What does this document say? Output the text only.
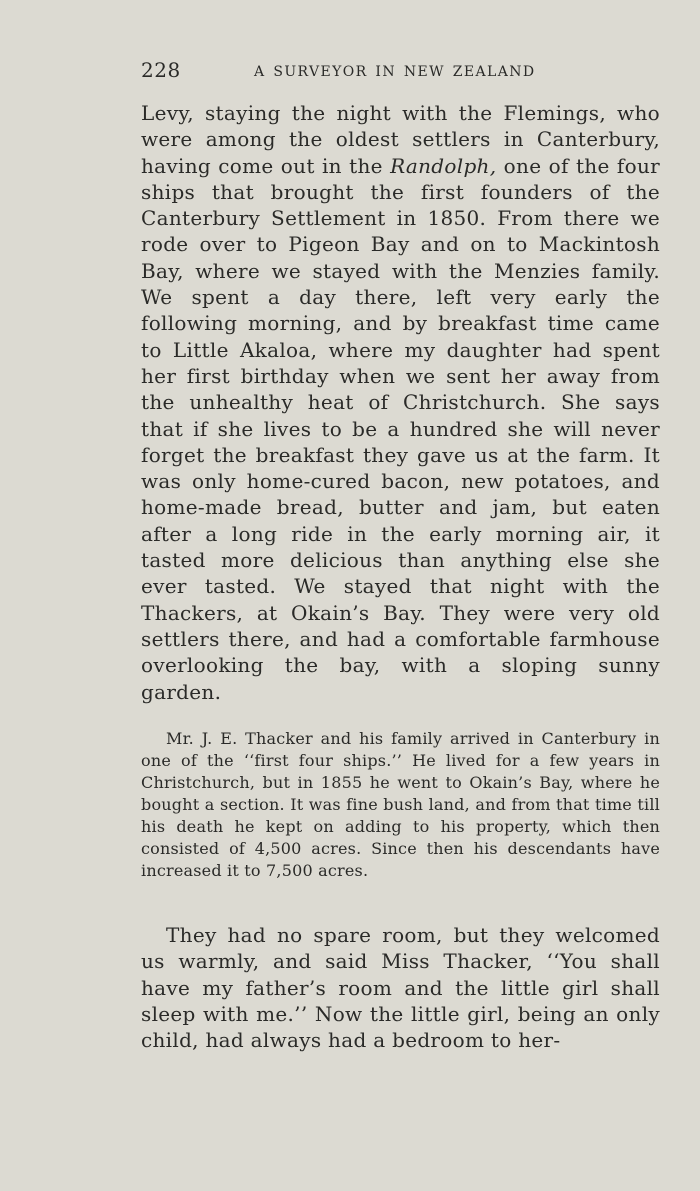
228	A SURVEYOR IN NEW ZEALAND

Levy, staying the night with the Flemings, who were among the oldest settlers in Canterbury, having come out in the Randolph, one of the four ships that brought the first founders of the Canterbury Settlement in 1850. From there we rode over to Pigeon Bay and on to Mackintosh Bay, where we stayed with the Menzies family. We spent a day there, left very early the following morning, and by breakfast time came to Little Akaloa, where my daughter had spent her first birthday when we sent her away from the unhealthy heat of Christchurch. She says that if she lives to be a hundred she will never forget the breakfast they gave us at the farm. It was only home-cured bacon, new potatoes, and home-made bread, butter and jam, but eaten after a long ride in the early morning air, it tasted more delicious than anything else she ever tasted. We stayed that night with the Thackers, at Okain’s Bay. They were very old settlers there, and had a comfortable farmhouse overlooking the bay, with a sloping sunny garden.

Mr. J. E. Thacker and his family arrived in Canterbury in one of the ‘‘first four ships.’’ He lived for a few years in Christchurch, but in 1855 he went to Okain’s Bay, where he bought a section. It was fine bush land, and from that time till his death he kept on adding to his property, which then consisted of 4,500 acres. Since then his descendants have increased it to 7,500 acres.

They had no spare room, but they welcomed us warmly, and said Miss Thacker, ‘‘You shall have my father’s room and the little girl shall sleep with me.’’ Now the little girl, being an only child, had always had a bedroom to her-
